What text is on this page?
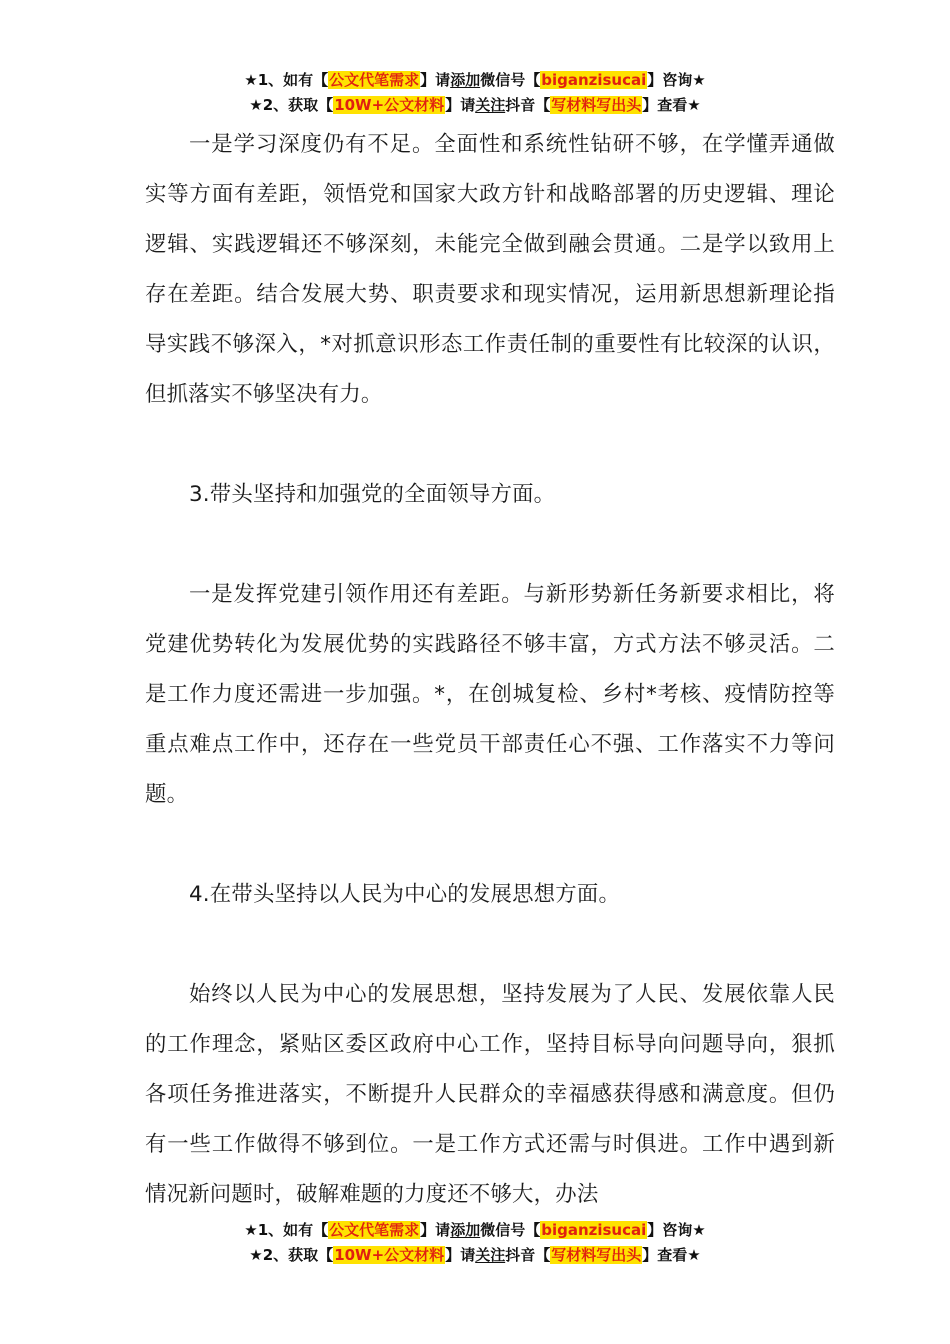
★1、如有【公文代笔需求】请添加微信号【biganzisucai】咨询★
★2、获取【10W+公文材料】请关注抖音【写材料写出头】查看★

一是学习深度仍有不足。全面性和系统性钻研不够，在学懂弄通做实等方面有差距，领悟党和国家大政方针和战略部署的历史逻辑、理论逻辑、实践逻辑还不够深刻，未能完全做到融会贯通。二是学以致用上存在差距。结合发展大势、职责要求和现实情况，运用新思想新理论指导实践不够深入，*对抓意识形态工作责任制的重要性有比较深的认识，但抓落实不够坚决有力。

3.带头坚持和加强党的全面领导方面。

一是发挥党建引领作用还有差距。与新形势新任务新要求相比，将党建优势转化为发展优势的实践路径不够丰富，方式方法不够灵活。二是工作力度还需进一步加强。*，在创城复检、乡村*考核、疫情防控等重点难点工作中，还存在一些党员干部责任心不强、工作落实不力等问题。

4.在带头坚持以人民为中心的发展思想方面。

始终以人民为中心的发展思想，坚持发展为了人民、发展依靠人民的工作理念，紧贴区委区政府中心工作，坚持目标导向问题导向，狠抓各项任务推进落实，不断提升人民群众的幸福感获得感和满意度。但仍有一些工作做得不够到位。一是工作方式还需与时俱进。工作中遇到新情况新问题时，破解难题的力度还不够大，办法

★1、如有【公文代笔需求】请添加微信号【biganzisucai】咨询★
★2、获取【10W+公文材料】请关注抖音【写材料写出头】查看★
